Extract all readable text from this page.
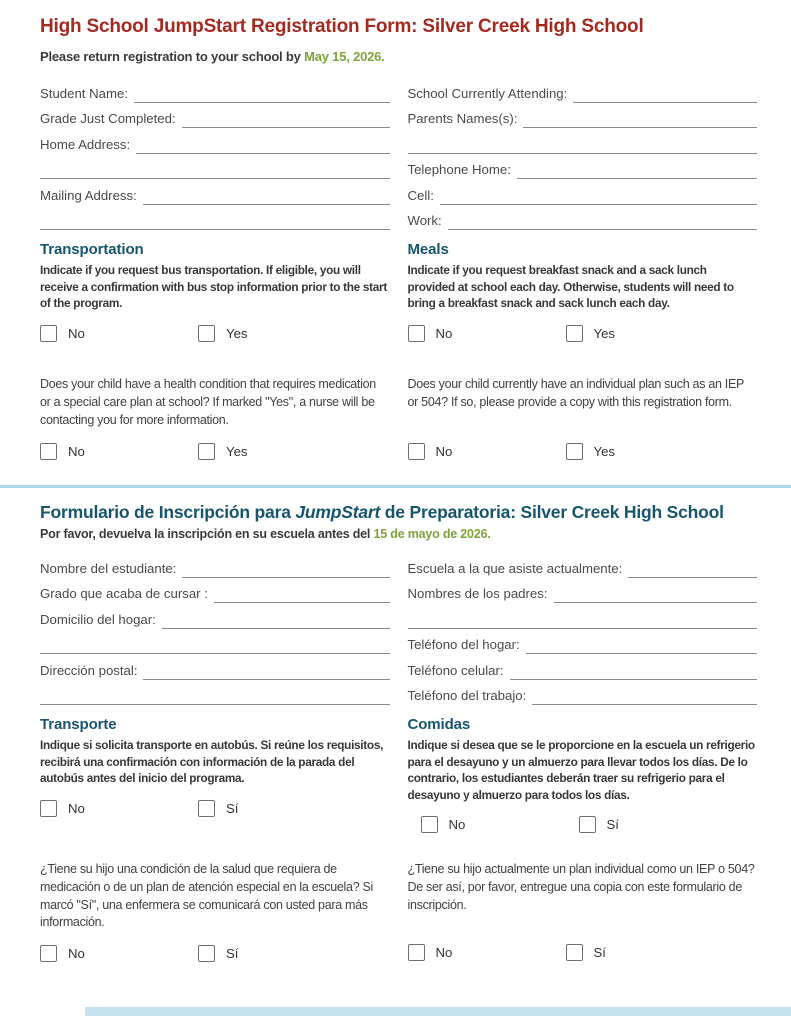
High School JumpStart Registration Form: Silver Creek High School
Please return registration to your school by May 15, 2026.
Student Name:
Grade Just Completed:
Home Address:
Mailing Address:
School Currently Attending:
Parents Names(s):
Telephone Home:
Cell:
Work:
Transportation
Indicate if you request bus transportation. If eligible, you will receive a confirmation with bus stop information prior to the start of the program.
No	Yes
Meals
Indicate if you request breakfast snack and a sack lunch provided at school each day. Otherwise, students will need to bring a breakfast snack and sack lunch each day.
No	Yes
Does your child have a health condition that requires medication or a special care plan at school? If marked "Yes", a nurse will be contacting you for more information.
No	Yes
Does your child currently have an individual plan such as an IEP or 504? If so, please provide a copy with this registration form.
No	Yes
Formulario de Inscripción para JumpStart de Preparatoria: Silver Creek High School
Por favor, devuelva la inscripción en su escuela antes del 15 de mayo de 2026.
Nombre del estudiante:
Grado que acaba de cursar :
Domicilio del hogar:
Dirección postal:
Escuela a la que asiste actualmente:
Nombres de los padres:
Teléfono del hogar:
Teléfono celular:
Teléfono del trabajo:
Transporte
Indique si solicita transporte en autobús. Si reúne los requisitos, recibirá una confirmación con información de la parada del autobús antes del inicio del programa.
No	Sí
Comidas
Indique si desea que se le proporcione en la escuela un refrigerio para el desayuno y un almuerzo para llevar todos los días. De lo contrario, los estudiantes deberán traer su refrigerio para el desayuno y almuerzo para todos los días.
No	Sí
¿Tiene su hijo una condición de la salud que requiera de medicación o de un plan de atención especial en la escuela? Si marcó "Sí", una enfermera se comunicará con usted para más información.
No	Sí
¿Tiene su hijo actualmente un plan individual como un IEP o 504? De ser así, por favor, entregue una copia con este formulario de inscripción.
No	Sí
